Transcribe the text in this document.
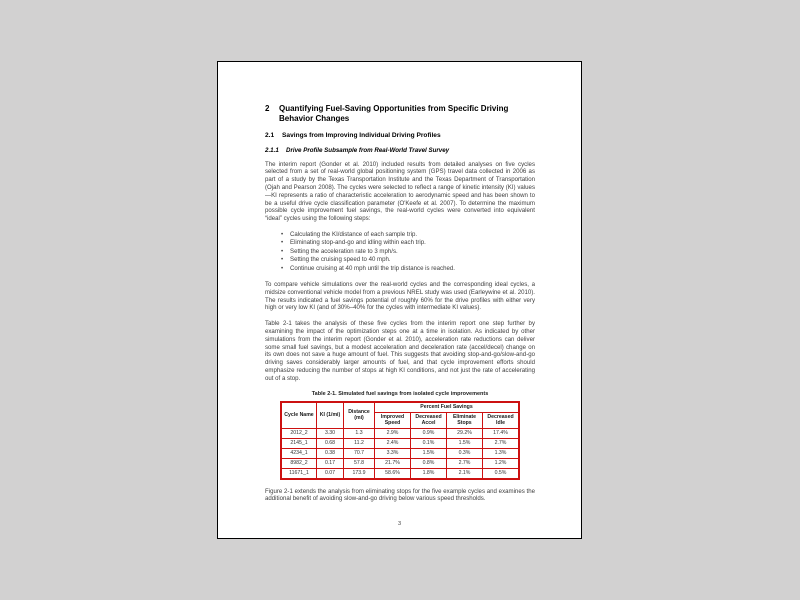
2	Quantifying Fuel-Saving Opportunities from Specific Driving Behavior Changes
2.1	Savings from Improving Individual Driving Profiles
2.1.1	Drive Profile Subsample from Real-World Travel Survey

The interim report (Gonder et al. 2010) included results from detailed analyses on five cycles selected from a set of real-world global positioning system (GPS) travel data collected in 2006 as part of a study by the Texas Transportation Institute and the Texas Department of Transportation (Ojah and Pearson 2008). The cycles were selected to reflect a range of kinetic intensity (KI) values—KI represents a ratio of characteristic acceleration to aerodynamic speed and has been shown to be a useful drive cycle classification parameter (O'Keefe et al. 2007). To determine the maximum possible cycle improvement fuel savings, the real-world cycles were converted into equivalent “ideal” cycles using the following steps:

• Calculating the KI/distance of each sample trip.
• Eliminating stop-and-go and idling within each trip.
• Setting the acceleration rate to 3 mph/s.
• Setting the cruising speed to 40 mph.
• Continue cruising at 40 mph until the trip distance is reached.

To compare vehicle simulations over the real-world cycles and the corresponding ideal cycles, a midsize conventional vehicle model from a previous NREL study was used (Earleywine et al. 2010). The results indicated a fuel savings potential of roughly 60% for the drive profiles with either very high or very low KI (and of 30%–40% for the cycles with intermediate KI values).

Table 2-1 takes the analysis of these five cycles from the interim report one step further by examining the impact of the optimization steps one at a time in isolation. As indicated by other simulations from the interim report (Gonder et al. 2010), acceleration rate reductions can deliver some small fuel savings, but a modest acceleration and deceleration rate (accel/decel) change on its own does not save a huge amount of fuel. This suggests that avoiding stop-and-go/slow-and-go driving saves considerably larger amounts of fuel, and that cycle improvement efforts should emphasize reducing the number of stops at high KI conditions, and not just the rate of accelerating out of a stop.

Table 2-1. Simulated fuel savings from isolated cycle improvements
Cycle Name	KI (1/mi)	Distance (mi)	Percent Fuel Savings			
			Improved Speed	Decreased Accel	Eliminate Stops	Decreased Idle
2012_2	3.30	1.3	2.9%	0.9%	29.2%	17.4%
2145_1	0.68	11.2	2.4%	0.1%	1.5%	2.7%
4234_1	0.38	70.7	3.3%	1.5%	0.3%	1.3%
8982_2	0.17	57.8	21.7%	0.8%	2.7%	1.2%
11671_1	0.07	173.9	58.6%	1.8%	2.1%	0.5%

Figure 2-1 extends the analysis from eliminating stops for the five example cycles and examines the additional benefit of avoiding slow-and-go driving below various speed thresholds.

3
